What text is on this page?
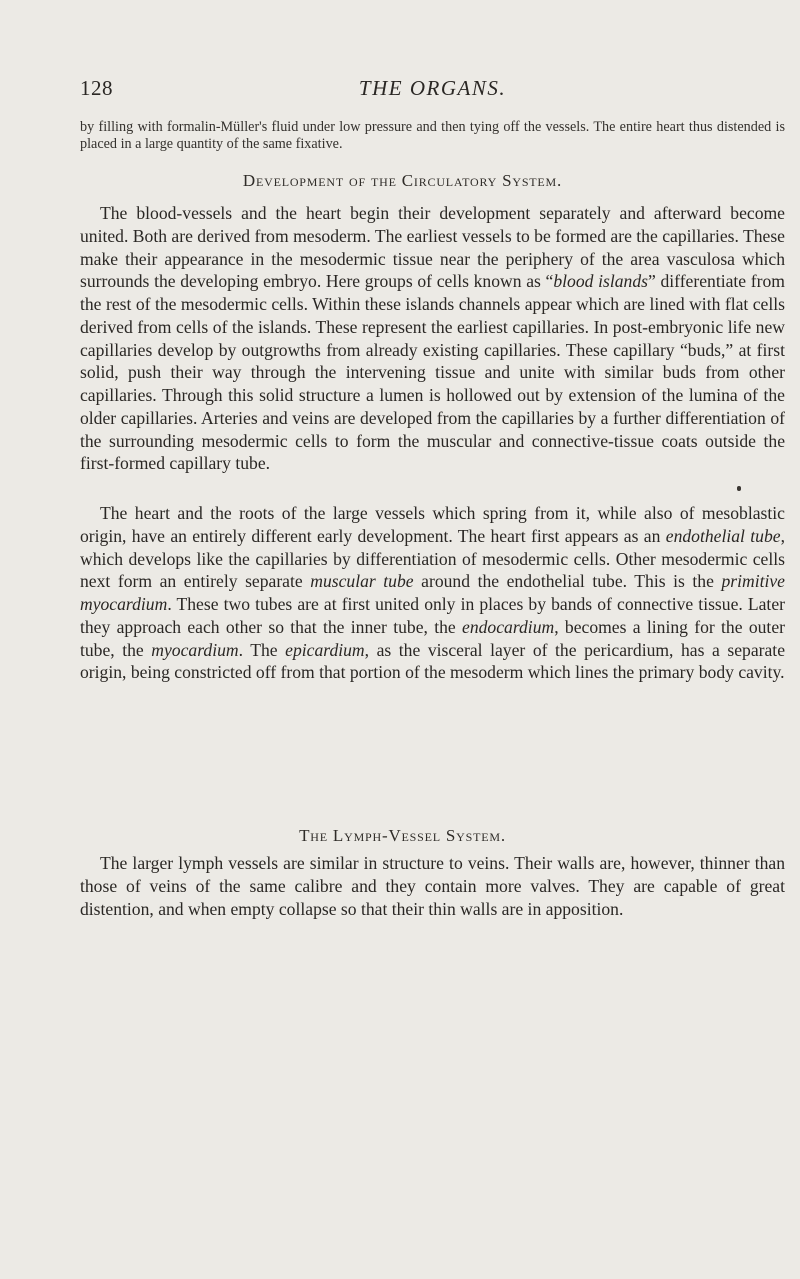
128	THE ORGANS.

by filling with formalin-Müller's fluid under low pressure and then tying off the vessels. The entire heart thus distended is placed in a large quantity of the same fixative.

Development of the Circulatory System.

The blood-vessels and the heart begin their development separately and afterward become united. Both are derived from mesoderm. The earliest vessels to be formed are the capillaries. These make their appearance in the mesodermic tissue near the periphery of the area vasculosa which surrounds the developing embryo. Here groups of cells known as “blood islands” differentiate from the rest of the mesodermic cells. Within these islands channels appear which are lined with flat cells derived from cells of the islands. These represent the earliest capillaries. In post-embryonic life new capillaries develop by outgrowths from already existing capillaries. These capillary “buds,” at first solid, push their way through the intervening tissue and unite with similar buds from other capillaries. Through this solid structure a lumen is hollowed out by extension of the lumina of the older capillaries. Arteries and veins are developed from the capillaries by a further differentiation of the surrounding mesodermic cells to form the muscular and connective-tissue coats outside the first-formed capillary tube.

The heart and the roots of the large vessels which spring from it, while also of mesoblastic origin, have an entirely different early development. The heart first appears as an endothelial tube, which develops like the capillaries by differentiation of mesodermic cells. Other mesodermic cells next form an entirely separate muscular tube around the endothelial tube. This is the primitive myocardium. These two tubes are at first united only in places by bands of connective tissue. Later they approach each other so that the inner tube, the endocardium, becomes a lining for the outer tube, the myocardium. The epicardium, as the visceral layer of the pericardium, has a separate origin, being constricted off from that portion of the mesoderm which lines the primary body cavity.

The Lymph-Vessel System.

The larger lymph vessels are similar in structure to veins. Their walls are, however, thinner than those of veins of the same calibre and they contain more valves. They are capable of great distention, and when empty collapse so that their thin walls are in apposition.
